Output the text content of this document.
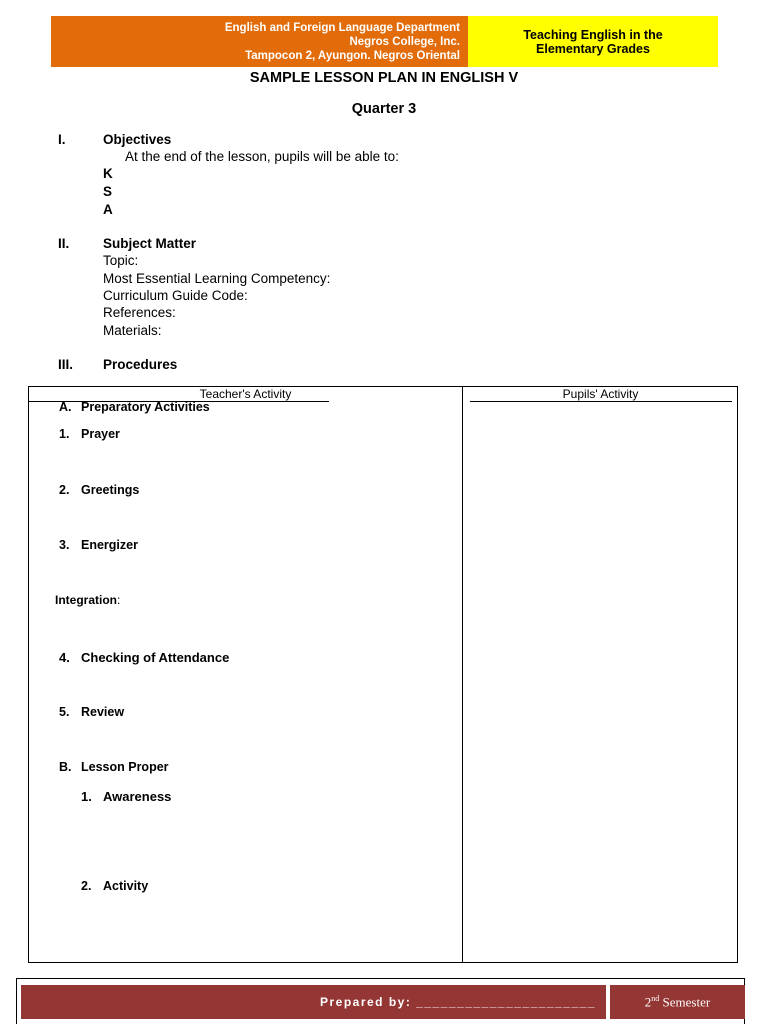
English and Foreign Language Department
Negros College, Inc.
Tampocon 2, Ayungon. Negros Oriental
Teaching English in the
Elementary Grades
SAMPLE LESSON PLAN IN ENGLISH V
Quarter 3
I.	Objectives
At the end of the lesson, pupils will be able to:
K
S
A
II. Subject Matter
Topic:
Most Essential Learning Competency:
Curriculum Guide Code:
References:
Materials:
III. Procedures
Teacher's Activity	Pupils' Activity
A. Preparatory Activities
1. Prayer
2. Greetings
3. Energizer
Integration:
4. Checking of Attendance
5. Review
B. Lesson Proper
1. Awareness
2. Activity
Prepared by: ______________________	2nd Semester
